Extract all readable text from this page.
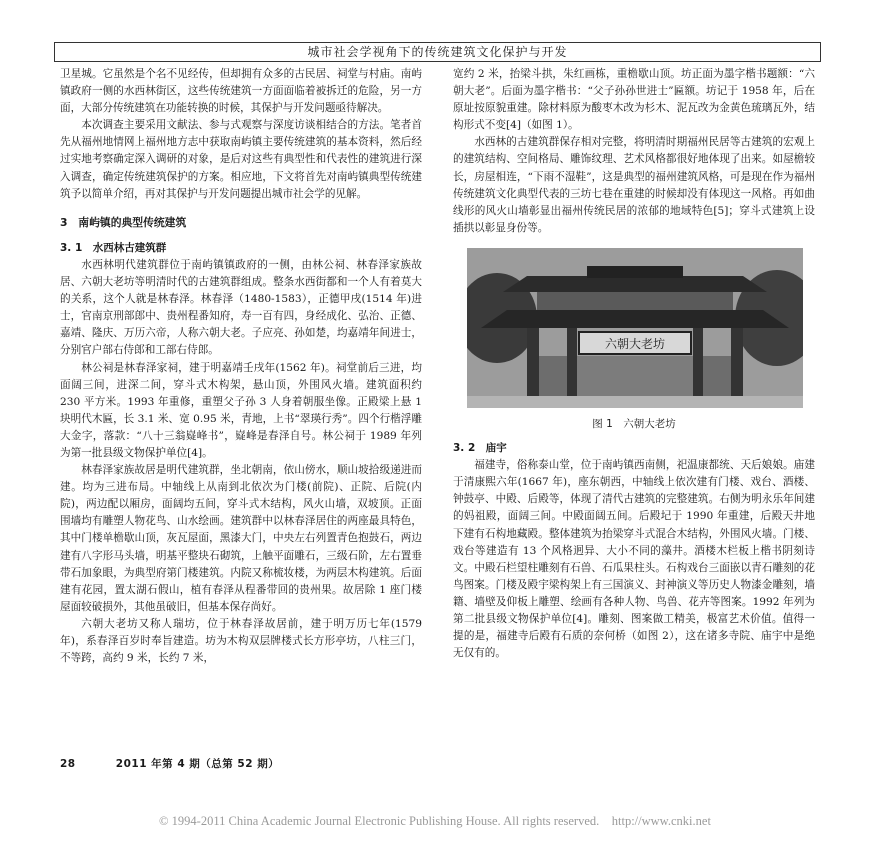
城市社会学视角下的传统建筑文化保护与开发

卫星城。它虽然是个名不见经传，但却拥有众多的古民居、祠堂与村庙。南屿镇政府一侧的水西林街区，这些传统建筑一方面面临着被拆迁的危险，另一方面，大部分传统建筑在功能转换的时候，其保护与开发问题亟待解决。

本次调查主要采用文献法、参与式观察与深度访谈相结合的方法。笔者首先从福州地情网上福州地方志中获取南屿镇主要传统建筑的基本资料，然后经过实地考察确定深入调研的对象，是后对这些有典型性和代表性的建筑进行深入调查，确定传统建筑保护的方案。相应地，下文将首先对南屿镇典型传统建筑予以简单介绍，再对其保护与开发问题提出城市社会学的见解。

3　南屿镇的典型传统建筑
3. 1　水西林古建筑群

水西林明代建筑群位于南屿镇镇政府的一侧，由林公祠、林春泽家族故居、六朝大老坊等明清时代的古建筑群组成。整条水西街都和一个人有着莫大的关系，这个人就是林春泽。林春泽（1480-1583），正德甲戌(1514 年)进士，官南京刑部郎中、贵州程番知府，寿一百有四，身经成化、弘治、正德、嘉靖、隆庆、万历六帝，人称六朝大老。子应亮、孙如楚，均嘉靖年间进士，分别官户部右侍郎和工部右侍郎。

林公祠是林春泽家祠，建于明嘉靖壬戌年(1562 年)。祠堂前后三进，均面阔三间，进深二间，穿斗式木构架，悬山顶，外围风火墙。建筑面积约 230 平方米。1993 年重修，重塑父子孙 3 人身着朝服坐像。正殿梁上悬 1 块明代木匾，长 3.1 米、宽 0.95 米，青地，上书“翠瑛行秀”。四个行楷浮雕大金字，落款：“八十三翁嶷峰书”，嶷峰是春泽自号。林公祠于 1989 年列为第一批县级文物保护单位[4]。

林春泽家族故居是明代建筑群，坐北朝南，依山傍水，顺山坡拾级递进而建。均为三进布局。中轴线上从南到北依次为门楼(前院)、正院、后院(内院)，两边配以厢房，面阔均五间，穿斗式木结构，风火山墙，双坡顶。正面围墙均有雕塑人物花鸟、山水绘画。建筑群中以林春泽居住的两座最具特色，其中门楼单檐歇山顶，灰瓦屋面，黑漆大门，中央左右列置青色抱鼓石，两边建有八字形马头墙，明基平整块石砌筑，上触平面雕石，三级石阶，左右置垂带石加象眼，为典型府第门楼建筑。内院又称梳妆楼，为两层木构建筑。后面建有花园，置太湖石假山，植有春泽从程番带回的贵州果。故居除 1 座门楼屋面较破损外，其他虽破旧，但基本保存尚好。

六朝大老坊又称人瑞坊，位于林春泽故居前，建于明万历七年(1579 年)，系春泽百岁时奉旨建造。坊为木构双层牌楼式长方形亭坊，八柱三门，不等跨，高约 9 米，长约 7 米，

宽约 2 米，抬梁斗拱，朱红画栋，重檐歇山顶。坊正面为墨字楷书题额：“六朝大老”。后面为墨字楷书：“父子孙孙世进士”匾额。坊记于 1958 年，后在原址按原貌重建。除材料原为酸枣木改为杉木、泥瓦改为金黄色琉璃瓦外，结构形式不变[4]（如图 1）。

水西林的古建筑群保存相对完整，将明清时期福州民居等古建筑的宏观上的建筑结构、空间格局、雕饰纹理、艺术风格都很好地体现了出来。如屋檐较长，房屋相连，“下雨不湿鞋”，这是典型的福州建筑风格，可是现在作为福州传统建筑文化典型代表的三坊七巷在重建的时候却没有体现这一风格。再如曲线形的风火山墙彰显出福州传统民居的浓郁的地域特色[5]；穿斗式建筑上设插拱以彰显身份等。

六朝大老坊
图 1　六朝大老坊
3. 2　庙宇

福建寺，俗称泰山堂，位于南屿镇西南侧，祀温康都统、天后娘娘。庙建于清康熙六年(1667 年)，座东朝西，中轴线上依次建有门楼、戏台、酒楼、钟鼓亭、中殿、后殿等，体现了清代古建筑的完整建筑。右侧为明永乐年间建的妈祖殿，面阔三间。中殿面阔五间。后殿圮于 1990 年重建，后殿天井地下建有石构地藏殿。整体建筑为抬梁穿斗式混合木结构，外围风火墙。门楼、戏台等建造有 13 个风格迥异、大小不同的藻井。酒楼木栏板上楷书阴刻诗文。中殿石栏望柱雕刻有石兽、石瓜果柱头。石构戏台三面嵌以青石雕刻的花鸟图案。门楼及殿宇梁构架上有三国演义、封神演义等历史人物漆金雕刻，墙籍、墙壁及仰板上雕塑、绘画有各种人物、鸟兽、花卉等图案。1992 年列为第二批县级文物保护单位[4]。雕刻、图案做工精美，极富艺术价值。值得一提的是，福建寺后殿有石质的奈何桥（如图 2），这在诸多寺院、庙宇中是绝无仅有的。

28	2011 年第 4 期（总第 52 期）
© 1994-2011 China Academic Journal Electronic Publishing House. All rights reserved.　http://www.cnki.net
